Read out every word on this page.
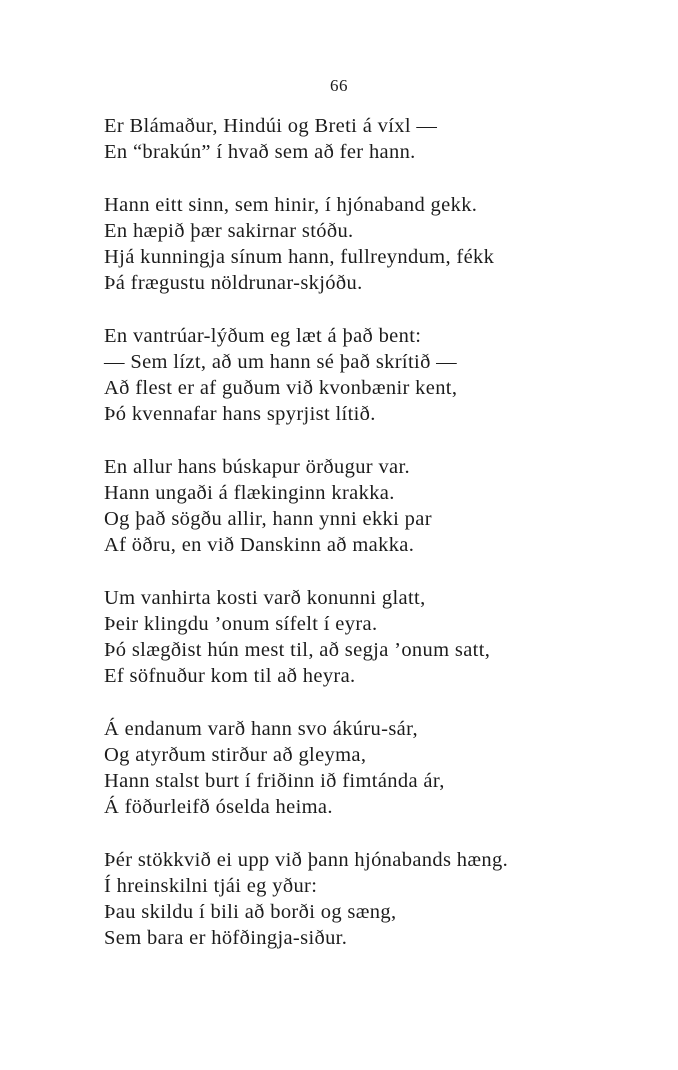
66
Er Blámaður, Hindúi og Breti á víxl —
En “brakún” í hvað sem að fer hann.
Hann eitt sinn, sem hinir, í hjónaband gekk.
En hæpið þær sakirnar stóðu.
Hjá kunningja sínum hann, fullreyndum, fékk
Þá frægustu nöldrunar-skjóðu.
En vantrúar-lýðum eg læt á það bent:
— Sem lízt, að um hann sé það skrítið —
Að flest er af guðum við kvonbænir kent,
Þó kvennafar hans spyrjist lítið.
En allur hans búskapur örðugur var.
Hann ungaði á flækinginn krakka.
Og það sögðu allir, hann ynni ekki par
Af öðru, en við Danskinn að makka.
Um vanhirta kosti varð konunni glatt,
Þeir klingdu ’onum sífelt í eyra.
Þó slægðist hún mest til, að segja ’onum satt,
Ef söfnuður kom til að heyra.
Á endanum varð hann svo ákúru-sár,
Og atyrðum stirður að gleyma,
Hann stalst burt í friðinn ið fimtánda ár,
Á föðurleifð óselda heima.
Þér stökkvið ei upp við þann hjónabands hæng.
Í hreinskilni tjái eg yður:
Þau skildu í bili að borði og sæng,
Sem bara er höfðingja-siður.
